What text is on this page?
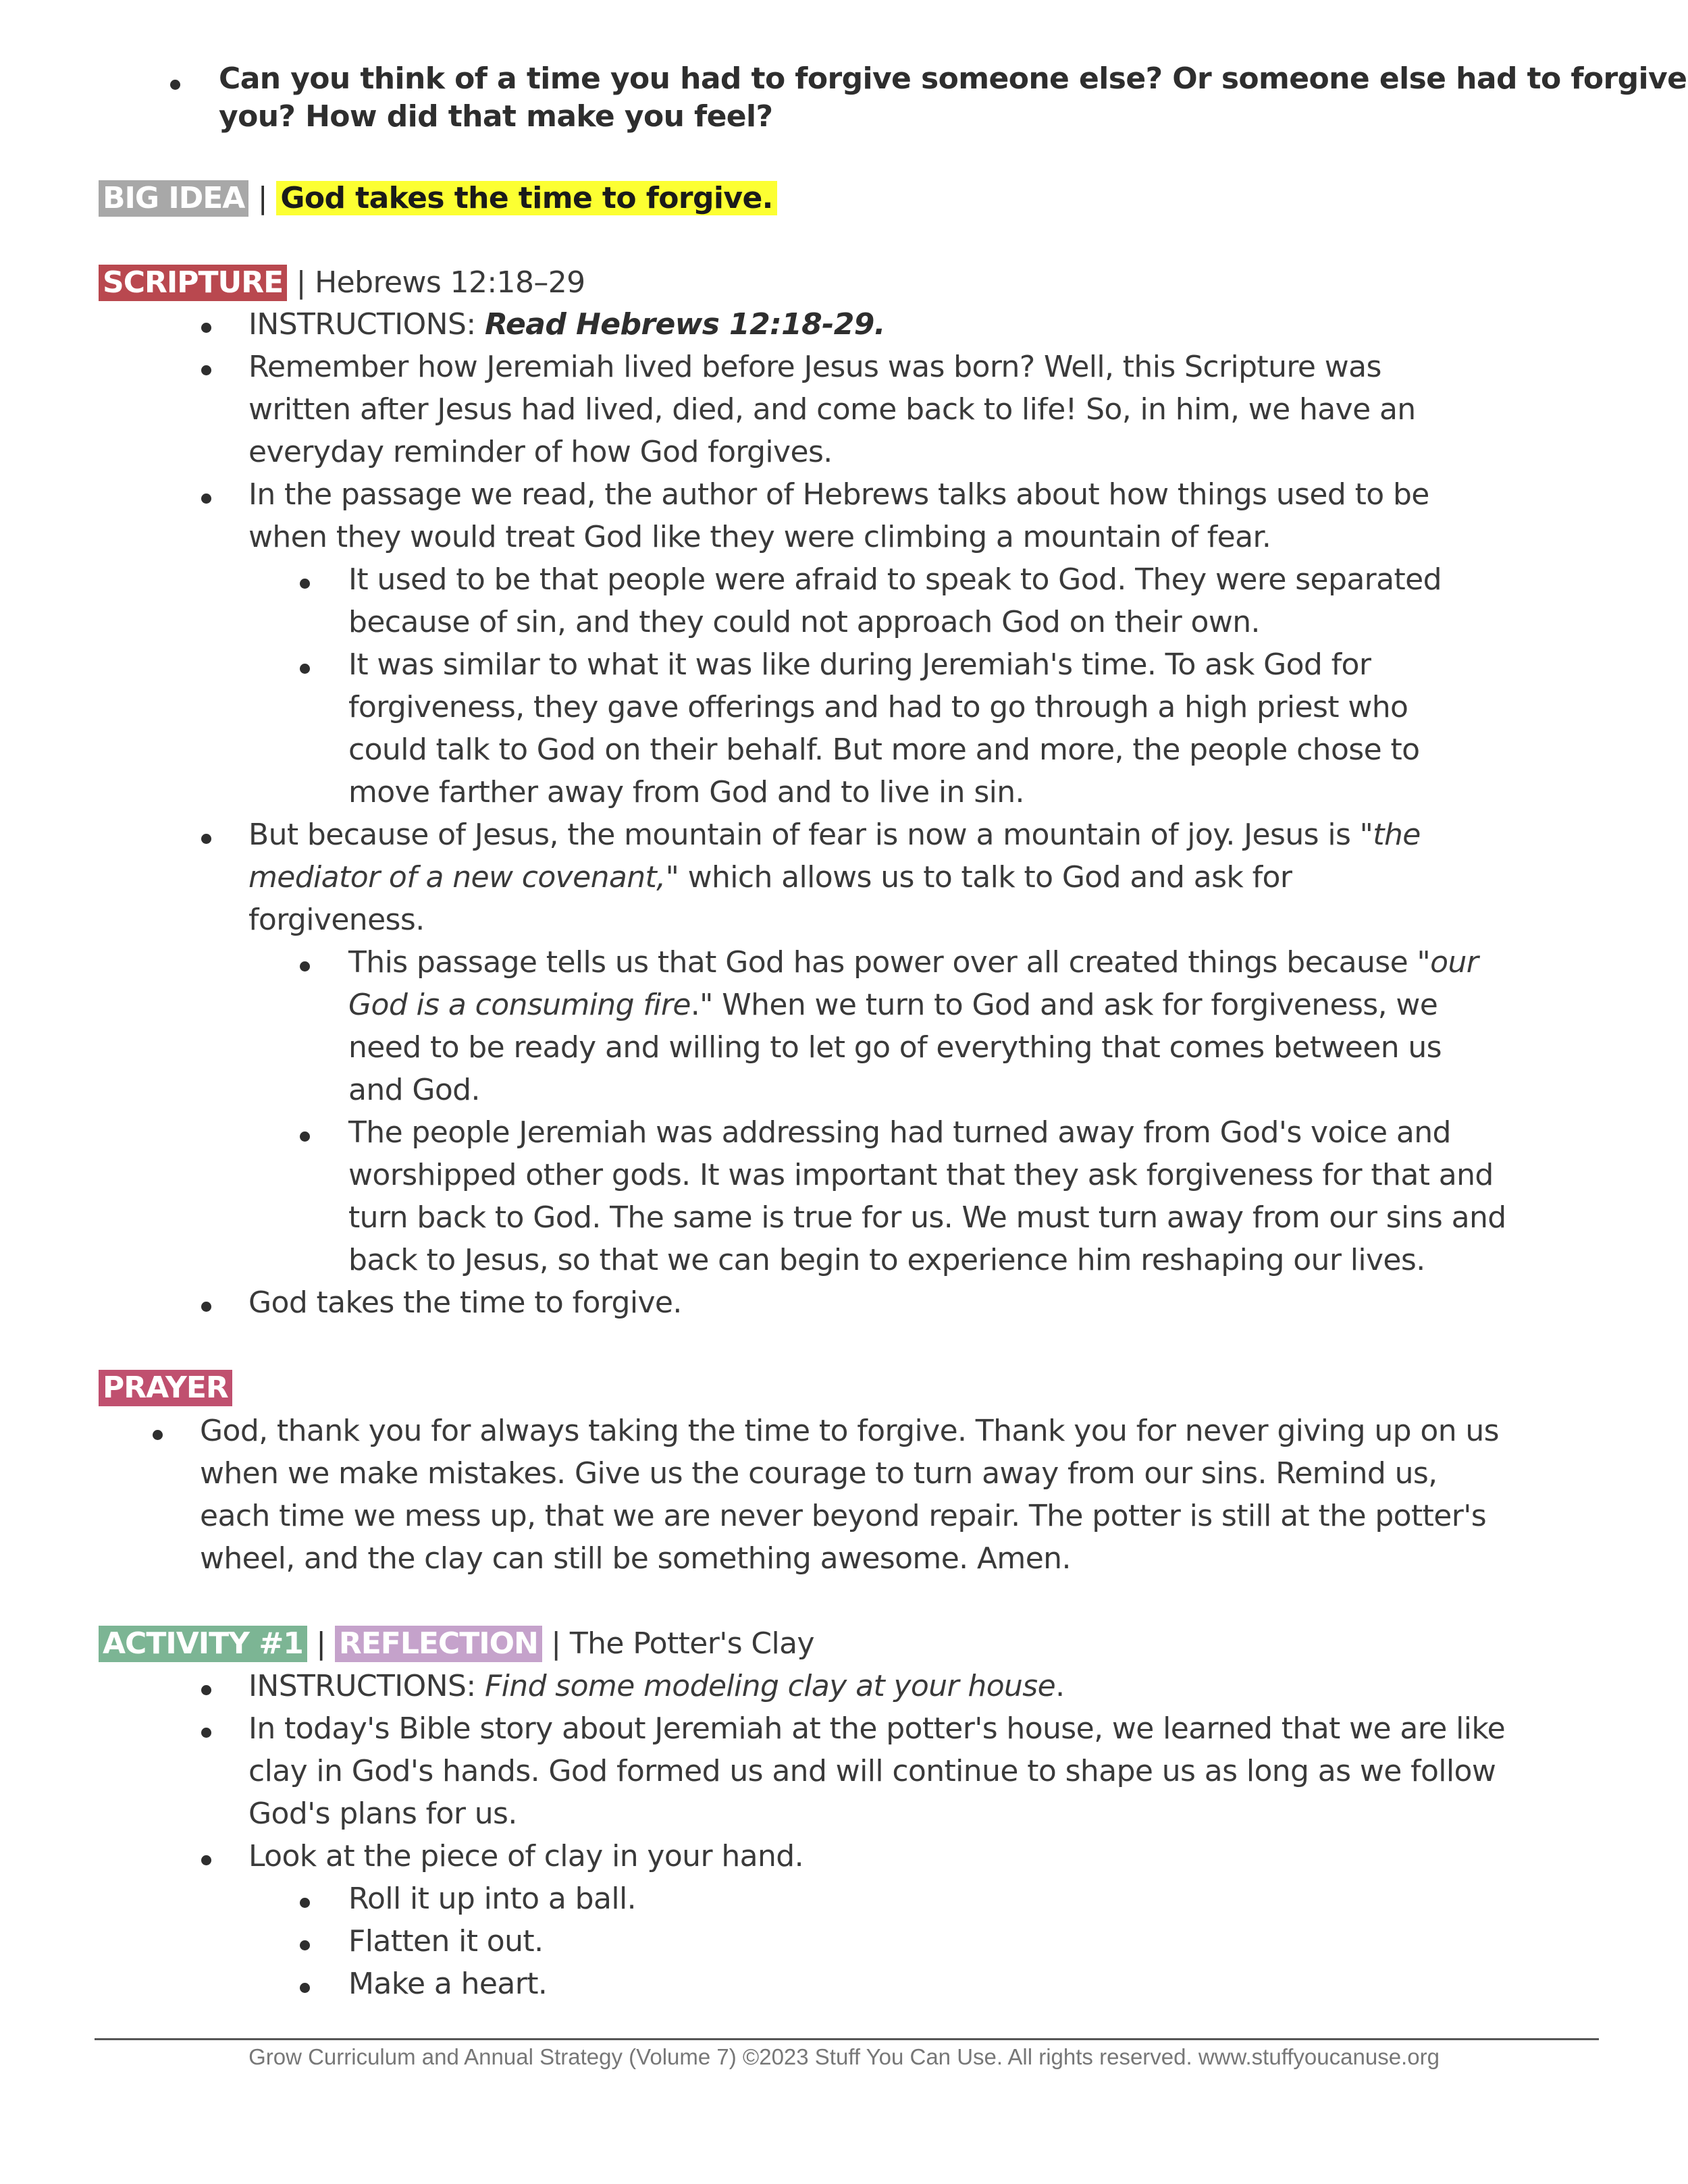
Can you think of a time you had to forgive someone else? Or someone else had to forgive
you? How did that make you feel?
BIG IDEA | God takes the time to forgive.
SCRIPTURE | Hebrews 12:18–29
INSTRUCTIONS: Read Hebrews 12:18-29.
Remember how Jeremiah lived before Jesus was born? Well, this Scripture was
written after Jesus had lived, died, and come back to life! So, in him, we have an
everyday reminder of how God forgives.
In the passage we read, the author of Hebrews talks about how things used to be
when they would treat God like they were climbing a mountain of fear.
It used to be that people were afraid to speak to God. They were separated
because of sin, and they could not approach God on their own.
It was similar to what it was like during Jeremiah's time. To ask God for
forgiveness, they gave offerings and had to go through a high priest who
could talk to God on their behalf. But more and more, the people chose to
move farther away from God and to live in sin.
But because of Jesus, the mountain of fear is now a mountain of joy. Jesus is "the
mediator of a new covenant," which allows us to talk to God and ask for
forgiveness.
This passage tells us that God has power over all created things because "our
God is a consuming fire." When we turn to God and ask for forgiveness, we
need to be ready and willing to let go of everything that comes between us
and God.
The people Jeremiah was addressing had turned away from God's voice and
worshipped other gods. It was important that they ask forgiveness for that and
turn back to God. The same is true for us. We must turn away from our sins and
back to Jesus, so that we can begin to experience him reshaping our lives.
God takes the time to forgive.
PRAYER
God, thank you for always taking the time to forgive. Thank you for never giving up on us
when we make mistakes. Give us the courage to turn away from our sins. Remind us,
each time we mess up, that we are never beyond repair. The potter is still at the potter's
wheel, and the clay can still be something awesome. Amen.
ACTIVITY #1 | REFLECTION | The Potter's Clay
INSTRUCTIONS: Find some modeling clay at your house.
In today's Bible story about Jeremiah at the potter's house, we learned that we are like
clay in God's hands. God formed us and will continue to shape us as long as we follow
God's plans for us.
Look at the piece of clay in your hand.
Roll it up into a ball.
Flatten it out.
Make a heart.
Grow Curriculum and Annual Strategy (Volume 7) ©2023 Stuff You Can Use. All rights reserved. www.stuffyoucanuse.org
